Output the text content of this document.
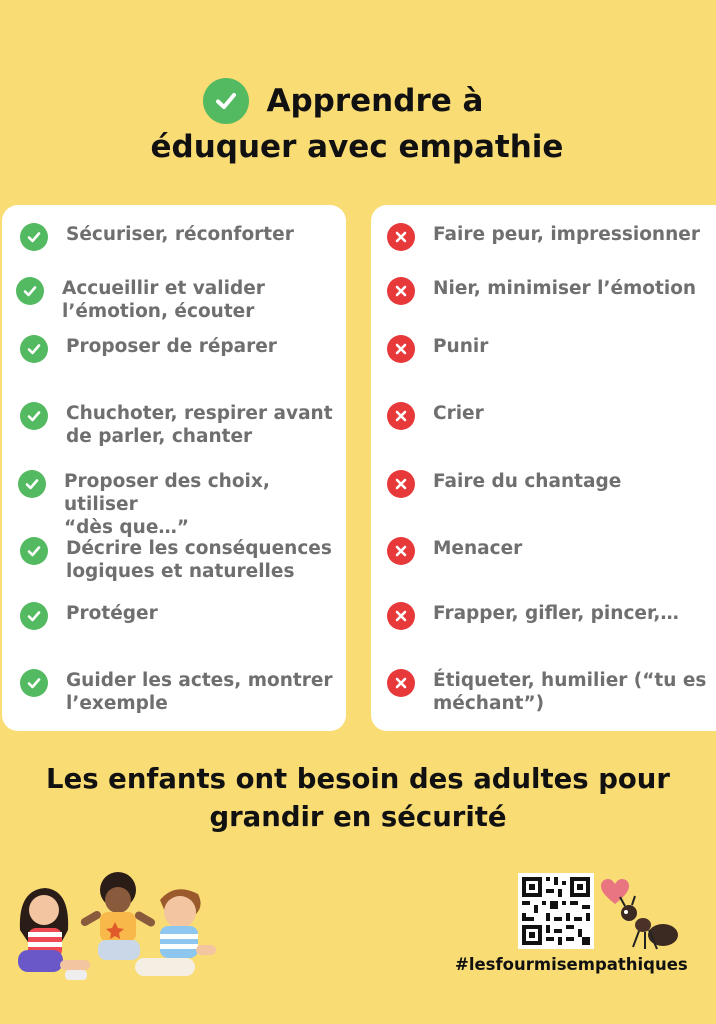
Apprendre à
éduquer avec empathie
Sécuriser, réconforter
Accueillir et valider
l’émotion, écouter
Proposer de réparer
Chuchoter, respirer avant
de parler, chanter
Proposer des choix, utiliser
“dès que…”
Décrire les conséquences
logiques et naturelles
Protéger
Guider les actes, montrer
l’exemple
Faire peur, impressionner
Nier, minimiser l’émotion
Punir
Crier
Faire du chantage
Menacer
Frapper, gifler, pincer,…
Étiqueter, humilier (“tu es
méchant”)
Les enfants ont besoin des adultes pour
grandir en sécurité
#lesfourmisempathiques
